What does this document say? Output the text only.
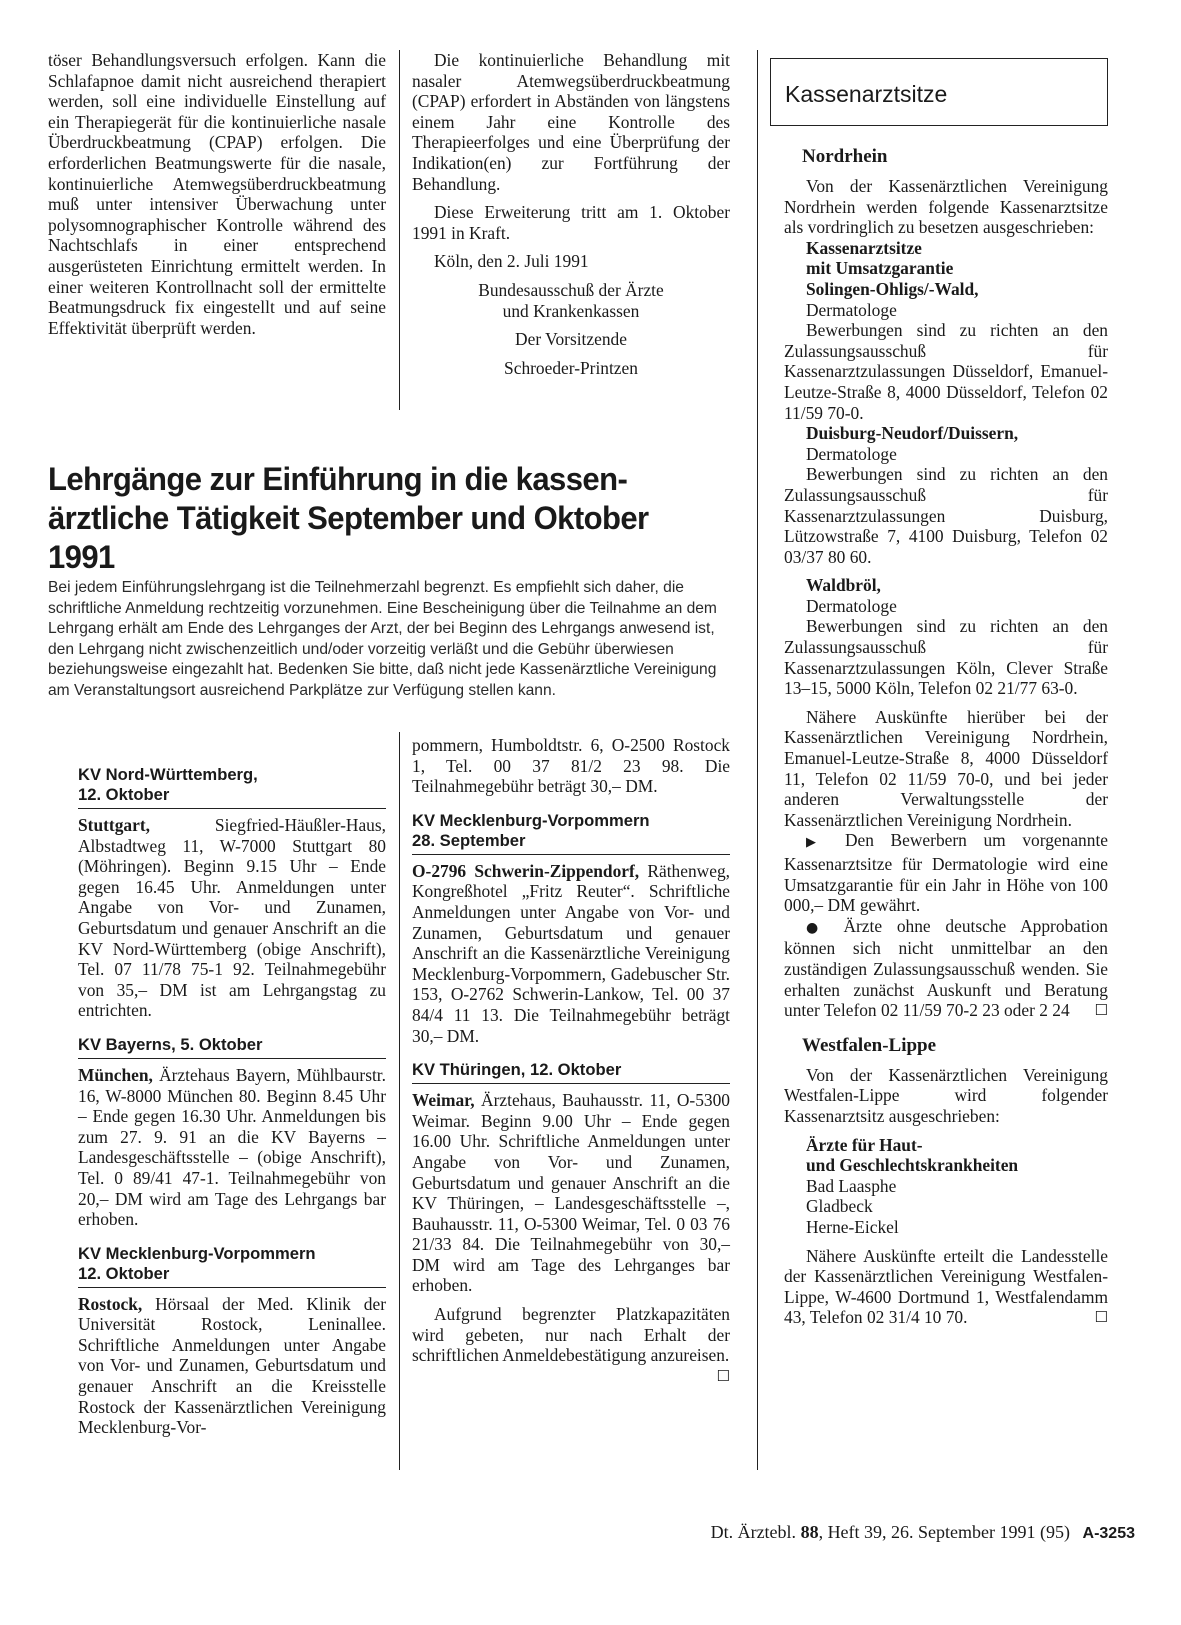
töser Behandlungsversuch erfolgen. Kann die Schlafapnoe damit nicht ausreichend therapiert werden, soll eine individuelle Einstellung auf ein Therapiegerät für die kontinuierliche nasale Überdruckbeatmung (CPAP) erfolgen. Die erforderlichen Beatmungswerte für die nasale, kontinuierliche Atemwegsüberdruckbeatmung muß unter intensiver Überwachung unter polysomnographischer Kontrolle während des Nachtschlafs in einer entsprechend ausgerüsteten Einrichtung ermittelt werden. In einer weiteren Kontrollnacht soll der ermittelte Beatmungsdruck fix eingestellt und auf seine Effektivität überprüft werden.

Die kontinuierliche Behandlung mit nasaler Atemwegsüberdruckbeatmung (CPAP) erfordert in Abständen von längstens einem Jahr eine Kontrolle des Therapieerfolges und eine Überprüfung der Indikation(en) zur Fortführung der Behandlung.

Diese Erweiterung tritt am 1. Oktober 1991 in Kraft.

Köln, den 2. Juli 1991

Bundesausschuß der Ärzte

und Krankenkassen

Der Vorsitzende

Schroeder-Printzen

Lehrgänge zur Einführung in die kassen-
ärztliche Tätigkeit September und Oktober 1991
Bei jedem Einführungslehrgang ist die Teilnehmerzahl begrenzt. Es empfiehlt sich daher, die schriftliche Anmeldung rechtzeitig vorzunehmen. Eine Bescheinigung über die Teilnahme an dem Lehrgang erhält am Ende des Lehrganges der Arzt, der bei Beginn des Lehrgangs anwesend ist, den Lehrgang nicht zwischenzeitlich und/oder vorzeitig verläßt und die Gebühr überwiesen beziehungsweise eingezahlt hat. Bedenken Sie bitte, daß nicht jede Kassenärztliche Vereinigung am Veranstaltungsort ausreichend Parkplätze zur Verfügung stellen kann.
KV Nord-Württemberg,
12. Oktober

Stuttgart, Siegfried-Häußler-Haus, Albstadtweg 11, W-7000 Stuttgart 80 (Möhringen). Beginn 9.15 Uhr – Ende gegen 16.45 Uhr. Anmeldungen unter Angabe von Vor- und Zunamen, Geburtsdatum und genauer Anschrift an die KV Nord-Württemberg (obige Anschrift), Tel. 07 11/78 75-1 92. Teilnahmegebühr von 35,– DM ist am Lehrgangstag zu entrichten.

KV Bayerns, 5. Oktober

München, Ärztehaus Bayern, Mühlbaurstr. 16, W-8000 München 80. Beginn 8.45 Uhr – Ende gegen 16.30 Uhr. Anmeldungen bis zum 27. 9. 91 an die KV Bayerns – Landesgeschäftsstelle – (obige Anschrift), Tel. 0 89/41 47-1. Teilnahmegebühr von 20,– DM wird am Tage des Lehrgangs bar erhoben.

KV Mecklenburg-Vorpommern
12. Oktober

Rostock, Hörsaal der Med. Klinik der Universität Rostock, Leninallee. Schriftliche Anmeldungen unter Angabe von Vor- und Zunamen, Geburtsdatum und genauer Anschrift an die Kreisstelle Rostock der Kassenärztlichen Vereinigung Mecklenburg-Vor-

pommern, Humboldtstr. 6, O-2500 Rostock 1, Tel. 00 37 81/2 23 98. Die Teilnahmegebühr beträgt 30,– DM.

KV Mecklenburg-Vorpommern
28. September

O-2796 Schwerin-Zippendorf, Räthenweg, Kongreßhotel „Fritz Reuter“. Schriftliche Anmeldungen unter Angabe von Vor- und Zunamen, Geburtsdatum und genauer Anschrift an die Kassenärztliche Vereinigung Mecklenburg-Vorpommern, Gadebuscher Str. 153, O-2762 Schwerin-Lankow, Tel. 00 37 84/4 11 13. Die Teilnahmegebühr beträgt 30,– DM.

KV Thüringen, 12. Oktober

Weimar, Ärztehaus, Bauhausstr. 11, O-5300 Weimar. Beginn 9.00 Uhr – Ende gegen 16.00 Uhr. Schriftliche Anmeldungen unter Angabe von Vor- und Zunamen, Geburtsdatum und genauer Anschrift an die KV Thüringen, – Landesgeschäftsstelle –, Bauhausstr. 11, O-5300 Weimar, Tel. 0 03 76 21/33 84. Die Teilnahmegebühr von 30,– DM wird am Tage des Lehrganges bar erhoben.

Aufgrund begrenzter Platzkapazitäten wird gebeten, nur nach Erhalt der schriftlichen Anmeldebestätigung anzureisen.
☐

Kassenarztsitze
Nordrhein

Von der Kassenärztlichen Vereinigung Nordrhein werden folgende Kassenarztsitze als vordringlich zu besetzen ausgeschrieben:

Kassenarztsitze

mit Umsatzgarantie

Solingen-Ohligs/-Wald,

Dermatologe

Bewerbungen sind zu richten an den Zulassungsausschuß für Kassenarztzulassungen Düsseldorf, Emanuel-Leutze-Straße 8, 4000 Düsseldorf, Telefon 02 11/59 70-0.

Duisburg-Neudorf/Duissern,

Dermatologe

Bewerbungen sind zu richten an den Zulassungsausschuß für Kassenarztzulassungen Duisburg, Lützowstraße 7, 4100 Duisburg, Telefon 02 03/37 80 60.

Waldbröl,

Dermatologe

Bewerbungen sind zu richten an den Zulassungsausschuß für Kassenarztzulassungen Köln, Clever Straße 13–15, 5000 Köln, Telefon 02 21/77 63-0.

Nähere Auskünfte hierüber bei der Kassenärztlichen Vereinigung Nordrhein, Emanuel-Leutze-Straße 8, 4000 Düsseldorf 11, Telefon 02 11/59 70-0, und bei jeder anderen Verwaltungsstelle der Kassenärztlichen Vereinigung Nordrhein.

▶ Den Bewerbern um vorgenannte Kassenarztsitze für Dermatologie wird eine Umsatzgarantie für ein Jahr in Höhe von 100 000,– DM gewährt.

● Ärzte ohne deutsche Approbation können sich nicht unmittelbar an den zuständigen Zulassungsausschuß wenden. Sie erhalten zunächst Auskunft und Beratung unter Telefon 02 11/59 70-2 23 oder 2 24	☐

Westfalen-Lippe

Von der Kassenärztlichen Vereinigung Westfalen-Lippe wird folgender Kassenarztsitz ausgeschrieben:

Ärzte für Haut-

und Geschlechtskrankheiten

Bad Laasphe

Gladbeck

Herne-Eickel

Nähere Auskünfte erteilt die Landesstelle der Kassenärztlichen Vereinigung Westfalen-Lippe, W-4600 Dortmund 1, Westfalendamm 43, Telefon 02 31/4 10 70.	☐

Dt. Ärztebl. 88, Heft 39, 26. September 1991 (95) A-3253
